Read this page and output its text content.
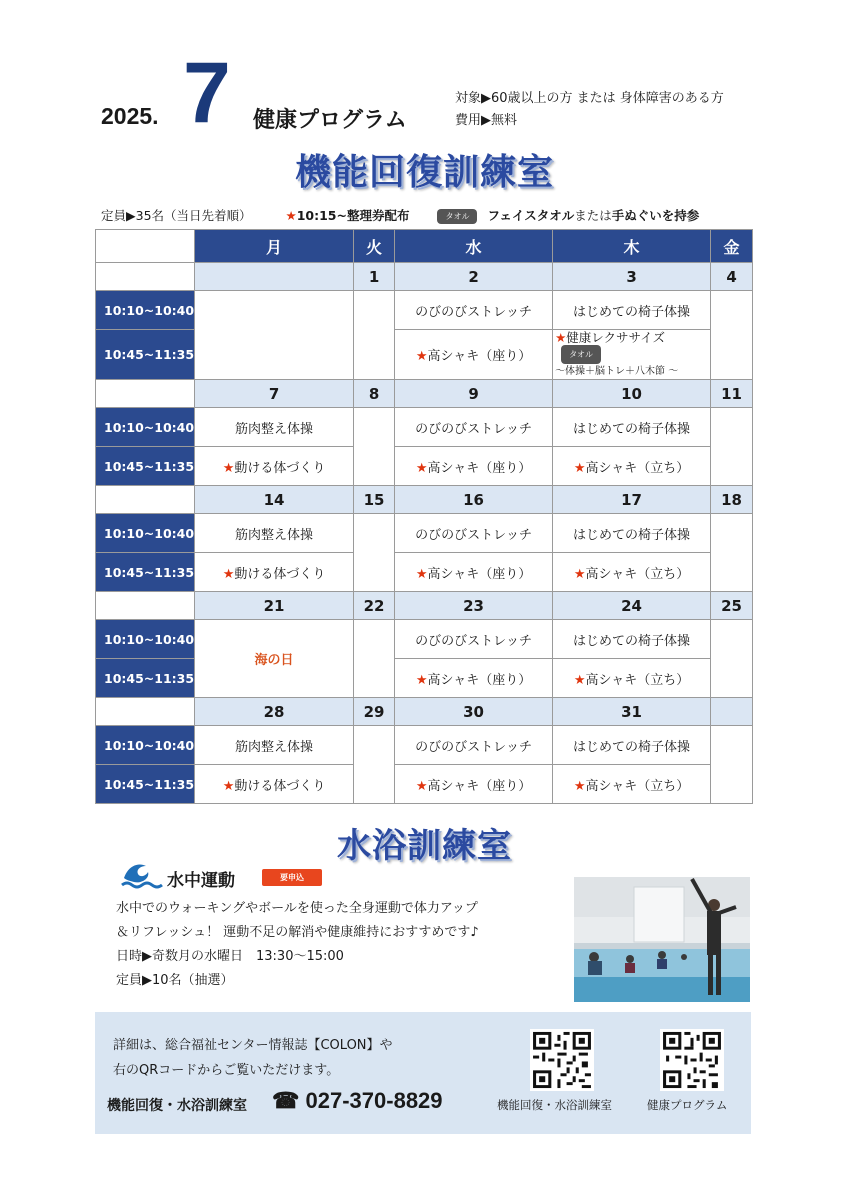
2025. 7 健康プログラム
対象▶60歳以上の方 または 身体障害のある方
費用▶無料
機能回復訓練室
定員▶35名（当日先着順）	★10:15~整理券配布	タオル フェイスタオルまたは手ぬぐいを持参
	月	火	水	木	金
		1	2	3	4
10:10~10:40			のびのびストレッチ	はじめての椅子体操	
10:45~11:35			★高シャキ（座り）	★健康レクササイズタオル
～体操＋脳トレ＋八木節 ～	

	7	8	9	10	11
10:10~10:40	筋肉整え体操		のびのびストレッチ	はじめての椅子体操	
10:45~11:35	★動ける体づくり		★高シャキ（座り）	★高シャキ（立ち）	
	14	15	16	17	18
10:10~10:40	筋肉整え体操		のびのびストレッチ	はじめての椅子体操	
10:45~11:35	★動ける体づくり		★高シャキ（座り）	★高シャキ（立ち）	
	21	22	23	24	25
10:10~10:40	海の日		のびのびストレッチ	はじめての椅子体操	
10:45~11:35			★高シャキ（座り）	★高シャキ（立ち）	
	28	29	30	31	
10:10~10:40	筋肉整え体操		のびのびストレッチ	はじめての椅子体操	
10:45~11:35	★動ける体づくり		★高シャキ（座り）	★高シャキ（立ち）	
水浴訓練室
水中運動	要申込
水中でのウォーキングやボールを使った全身運動で体力アップ
＆リフレッシュ！ 運動不足の解消や健康維持におすすめです♪
日時▶奇数月の水曜日　13:30～15:00
定員▶10名（抽選）
詳細は、総合福祉センター情報誌【COLON】や
右のQRコードからご覧いただけます。
機能回復・水浴訓練室 ☎ 027-370-8829	機能回復・水浴訓練室	健康プログラム
